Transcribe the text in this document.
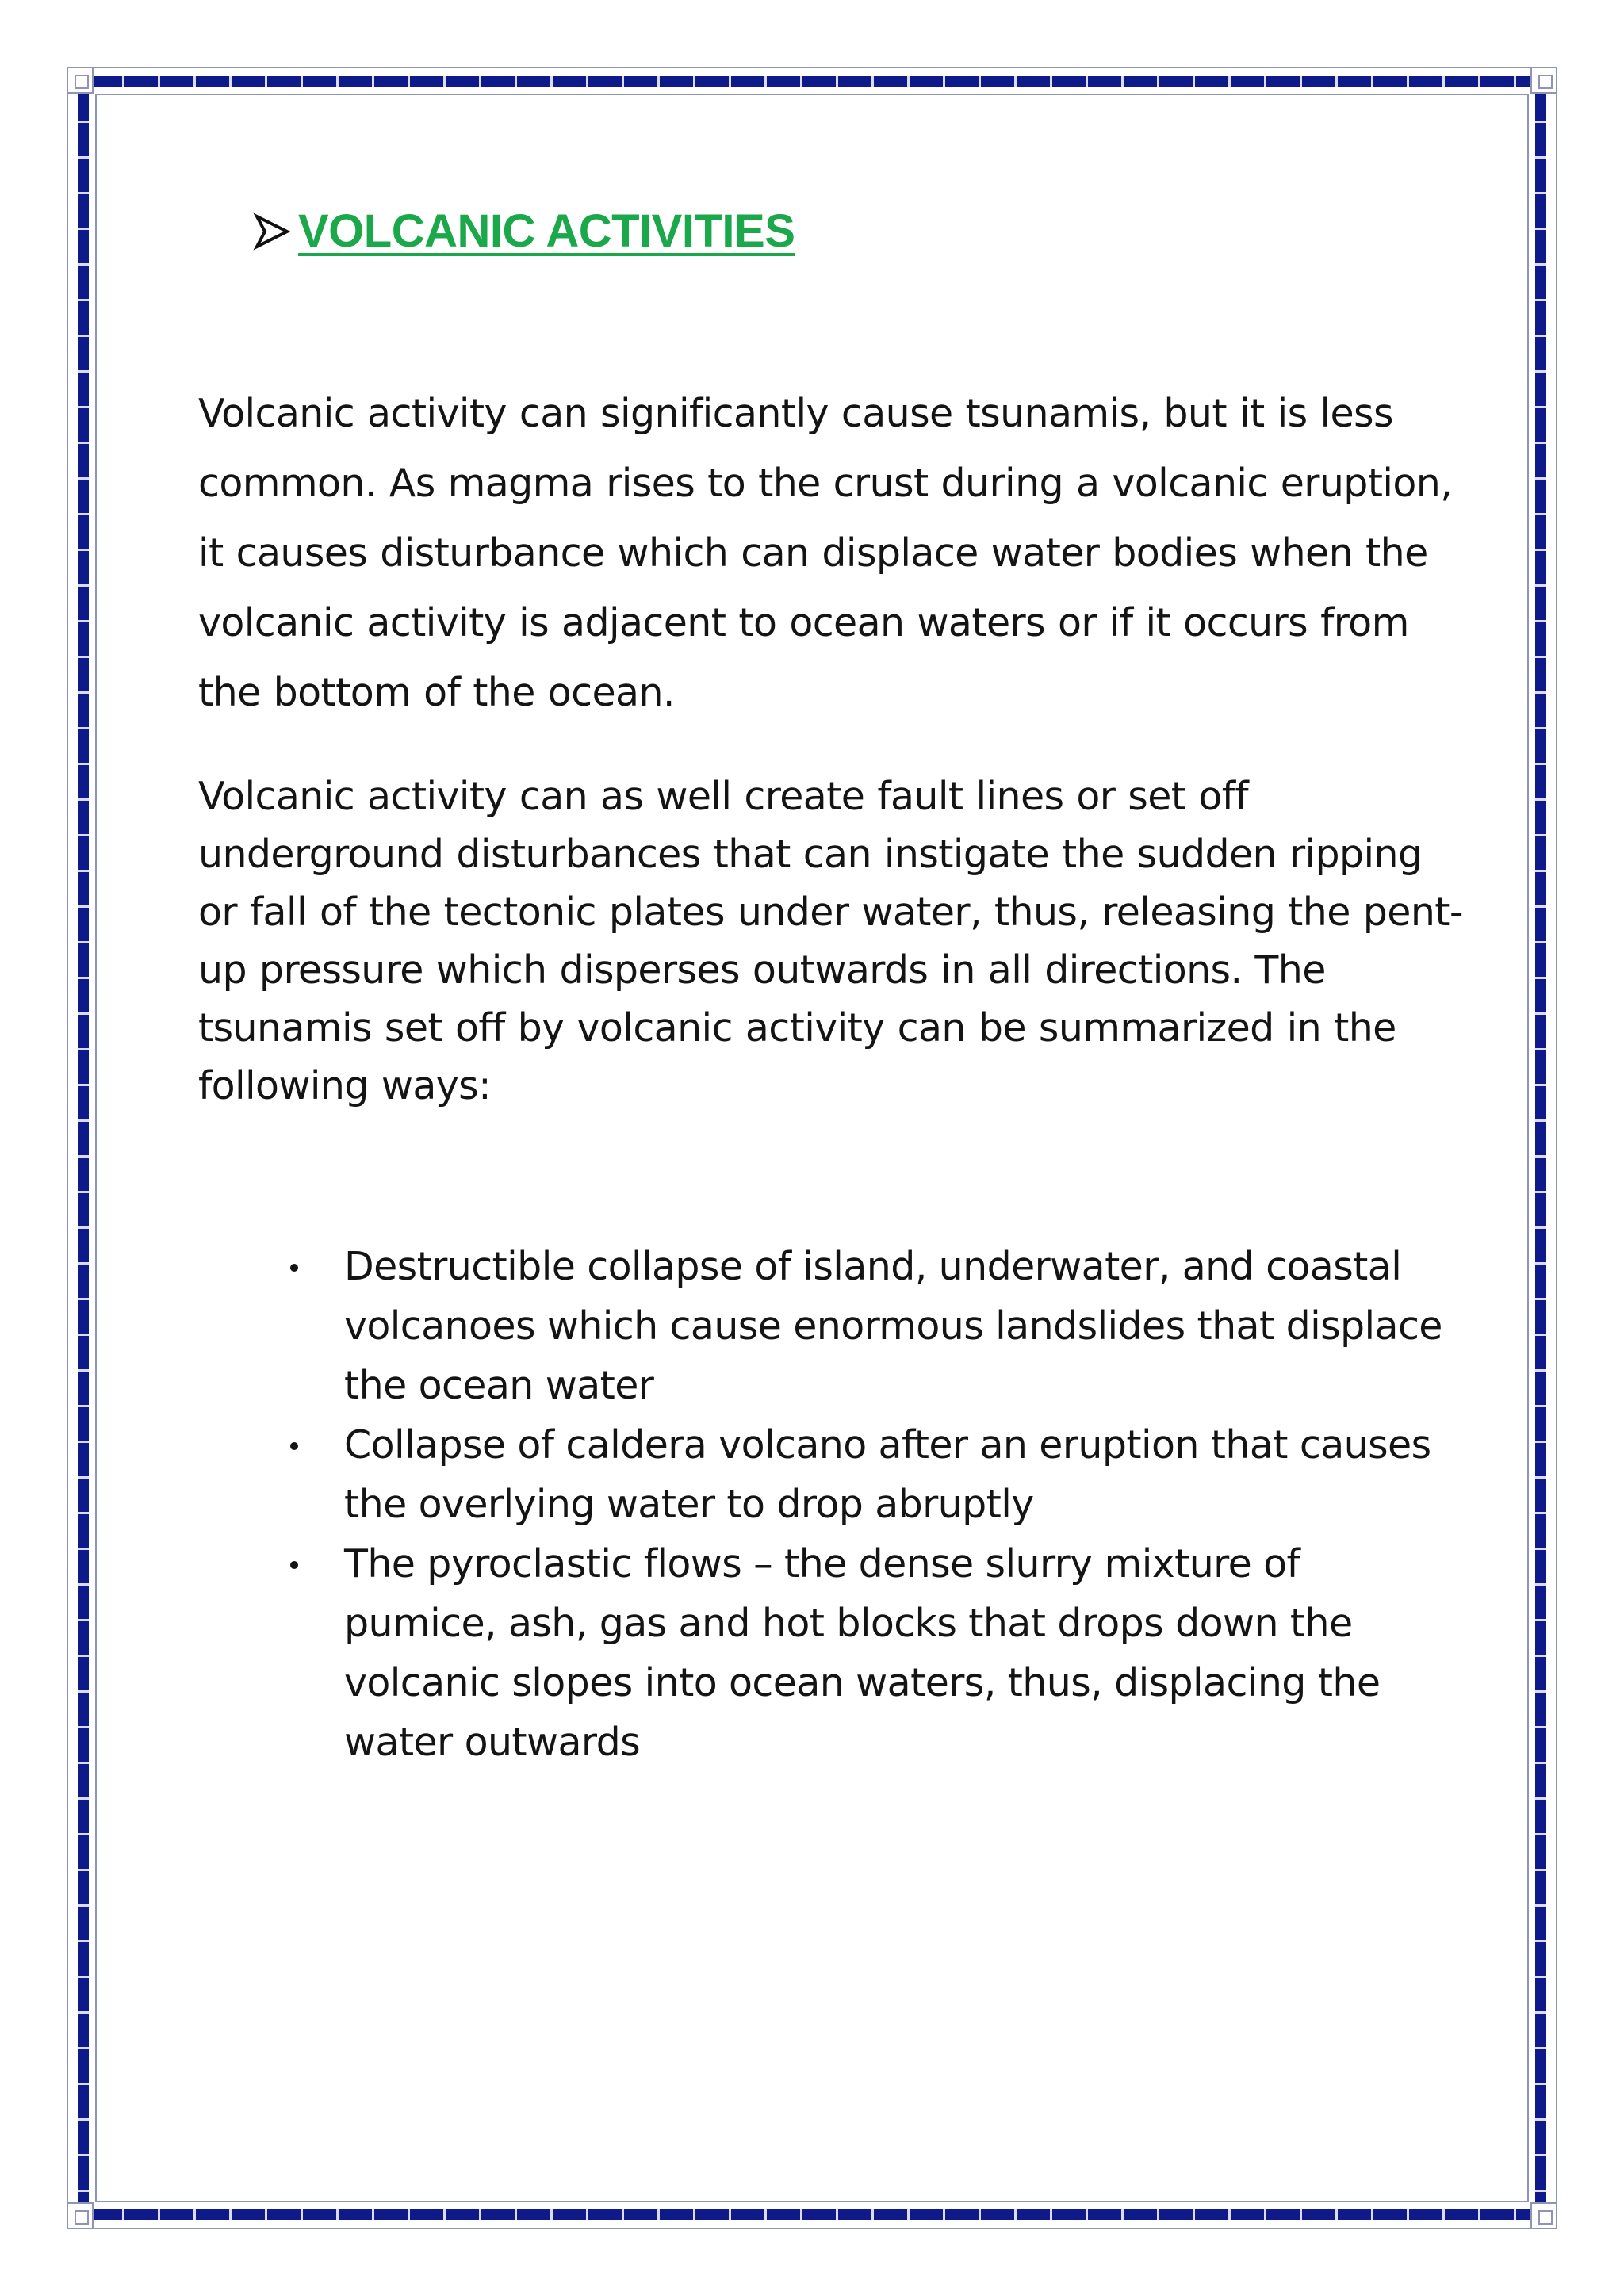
VOLCANIC ACTIVITIES

Volcanic activity can significantly cause tsunamis, but it is less common. As magma rises to the crust during a volcanic eruption, it causes disturbance which can displace water bodies when the volcanic activity is adjacent to ocean waters or if it occurs from the bottom of the ocean.

Volcanic activity can as well create fault lines or set off underground disturbances that can instigate the sudden ripping or fall of the tectonic plates under water, thus, releasing the pent-up pressure which disperses outwards in all directions. The tsunamis set off by volcanic activity can be summarized in the following ways:

Destructible collapse of island, underwater, and coastal volcanoes which cause enormous landslides that displace the ocean water
Collapse of caldera volcano after an eruption that causes the overlying water to drop abruptly
The pyroclastic flows – the dense slurry mixture of pumice, ash, gas and hot blocks that drops down the volcanic slopes into ocean waters, thus, displacing the water outwards
